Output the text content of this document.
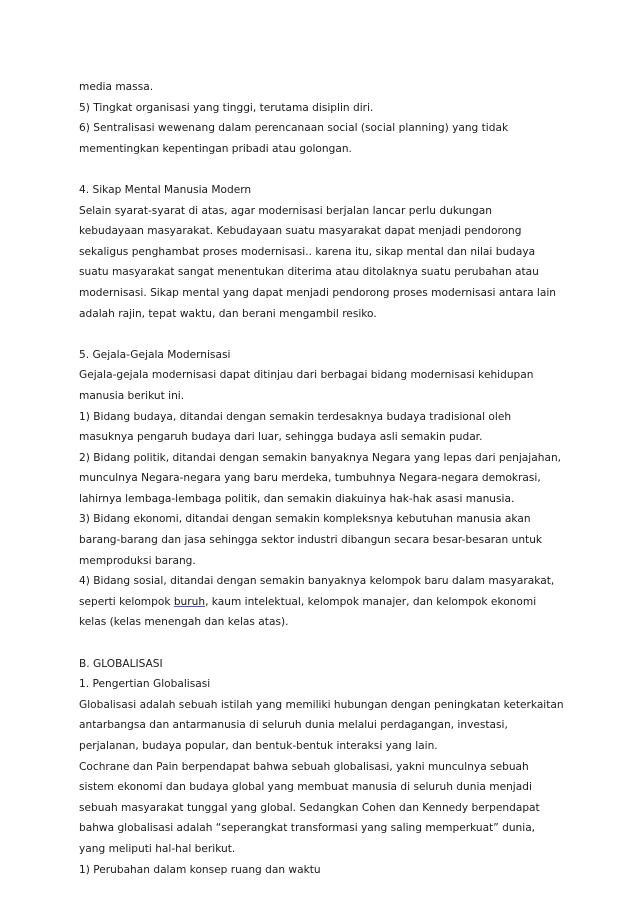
media massa.
5) Tingkat organisasi yang tinggi, terutama disiplin diri.
6) Sentralisasi wewenang dalam perencanaan social (social planning) yang tidak
mementingkan kepentingan pribadi atau golongan.
4. Sikap Mental Manusia Modern
Selain syarat-syarat di atas, agar modernisasi berjalan lancar perlu dukungan
kebudayaan masyarakat. Kebudayaan suatu masyarakat dapat menjadi pendorong
sekaligus penghambat proses modernisasi.. karena itu, sikap mental dan nilai budaya
suatu masyarakat sangat menentukan diterima atau ditolaknya suatu perubahan atau
modernisasi. Sikap mental yang dapat menjadi pendorong proses modernisasi antara lain
adalah rajin, tepat waktu, dan berani mengambil resiko.
5. Gejala-Gejala Modernisasi
Gejala-gejala modernisasi dapat ditinjau dari berbagai bidang modernisasi kehidupan
manusia berikut ini.
1) Bidang budaya, ditandai dengan semakin terdesaknya budaya tradisional oleh
masuknya pengaruh budaya dari luar, sehingga budaya asli semakin pudar.
2) Bidang politik, ditandai dengan semakin banyaknya Negara yang lepas dari penjajahan,
munculnya Negara-negara yang baru merdeka, tumbuhnya Negara-negara demokrasi,
lahirnya lembaga-lembaga politik, dan semakin diakuinya hak-hak asasi manusia.
3) Bidang ekonomi, ditandai dengan semakin kompleksnya kebutuhan manusia akan
barang-barang dan jasa sehingga sektor industri dibangun secara besar-besaran untuk
memproduksi barang.
4) Bidang sosial, ditandai dengan semakin banyaknya kelompok baru dalam masyarakat,
seperti kelompok buruh, kaum intelektual, kelompok manajer, dan kelompok ekonomi
kelas (kelas menengah dan kelas atas).
B. GLOBALISASI
1. Pengertian Globalisasi
Globalisasi adalah sebuah istilah yang memiliki hubungan dengan peningkatan keterkaitan
antarbangsa dan antarmanusia di seluruh dunia melalui perdagangan, investasi,
perjalanan, budaya popular, dan bentuk-bentuk interaksi yang lain.
Cochrane dan Pain berpendapat bahwa sebuah globalisasi, yakni munculnya sebuah
sistem ekonomi dan budaya global yang membuat manusia di seluruh dunia menjadi
sebuah masyarakat tunggal yang global. Sedangkan Cohen dan Kennedy berpendapat
bahwa globalisasi adalah “seperangkat transformasi yang saling memperkuat” dunia,
yang meliputi hal-hal berikut.
1) Perubahan dalam konsep ruang dan waktu
